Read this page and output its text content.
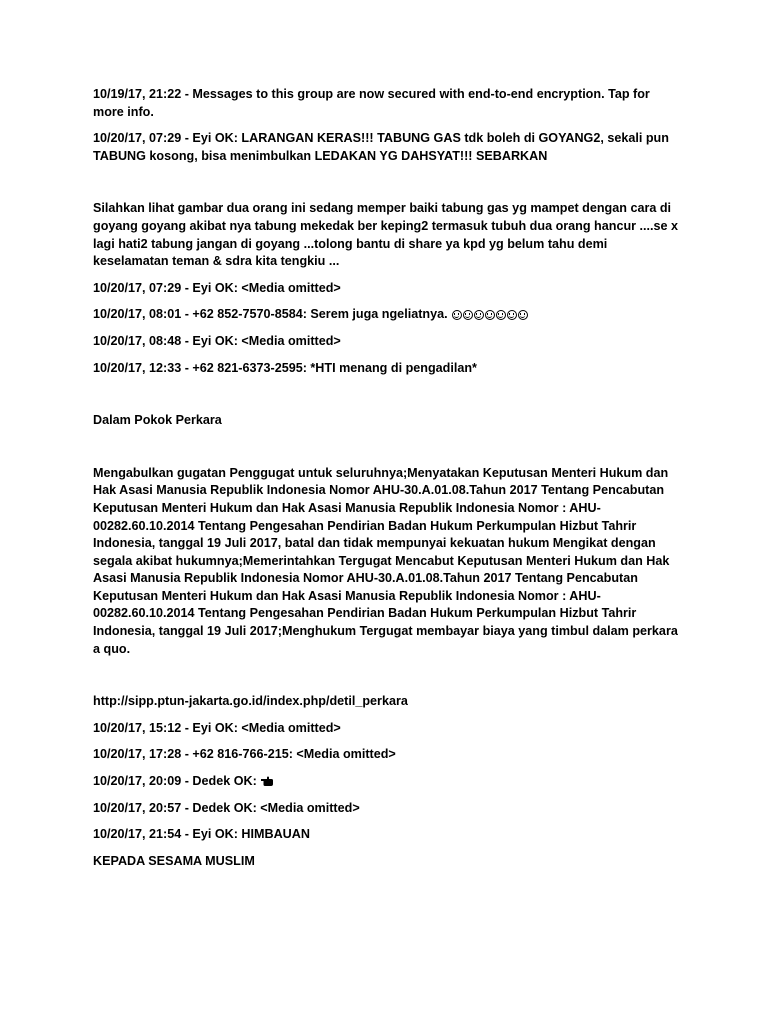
10/19/17, 21:22 - Messages to this group are now secured with end-to-end encryption. Tap for more info.

10/20/17, 07:29 - Eyi OK: LARANGAN KERAS!!! TABUNG GAS tdk boleh di GOYANG2, sekali pun TABUNG kosong, bisa menimbulkan LEDAKAN YG DAHSYAT!!! SEBARKAN

Silahkan lihat gambar dua orang ini sedang memper baiki tabung gas yg mampet dengan cara di goyang goyang akibat nya tabung mekedak ber keping2 termasuk tubuh dua orang hancur ....se x lagi hati2 tabung jangan di goyang ...tolong bantu di share ya kpd yg belum tahu demi keselamatan teman & sdra kita tengkiu ...

10/20/17, 07:29 - Eyi OK: <Media omitted>

10/20/17, 08:01 - +62 852-7570-8584: Serem juga ngeliatnya.

10/20/17, 08:48 - Eyi OK: <Media omitted>

10/20/17, 12:33 - +62 821-6373-2595: *HTI menang di pengadilan*

Dalam Pokok Perkara

Mengabulkan gugatan Penggugat untuk seluruhnya;Menyatakan Keputusan Menteri Hukum dan Hak Asasi Manusia Republik Indonesia Nomor AHU-30.A.01.08.Tahun 2017 Tentang Pencabutan Keputusan Menteri Hukum dan Hak Asasi Manusia Republik Indonesia Nomor : AHU-00282.60.10.2014 Tentang Pengesahan Pendirian Badan Hukum Perkumpulan Hizbut Tahrir Indonesia, tanggal 19 Juli 2017, batal dan tidak mempunyai kekuatan hukum Mengikat dengan segala akibat hukumnya;Memerintahkan Tergugat Mencabut Keputusan Menteri Hukum dan Hak Asasi Manusia Republik Indonesia Nomor AHU-30.A.01.08.Tahun 2017 Tentang Pencabutan Keputusan Menteri Hukum dan Hak Asasi Manusia Republik Indonesia Nomor : AHU-00282.60.10.2014 Tentang Pengesahan Pendirian Badan Hukum Perkumpulan Hizbut Tahrir Indonesia, tanggal 19 Juli 2017;Menghukum Tergugat membayar biaya yang timbul dalam perkara a quo.

http://sipp.ptun-jakarta.go.id/index.php/detil_perkara

10/20/17, 15:12 - Eyi OK: <Media omitted>

10/20/17, 17:28 - +62 816-766-215: <Media omitted>

10/20/17, 20:09 - Dedek OK:

10/20/17, 20:57 - Dedek OK: <Media omitted>

10/20/17, 21:54 - Eyi OK: HIMBAUAN

KEPADA SESAMA MUSLIM
